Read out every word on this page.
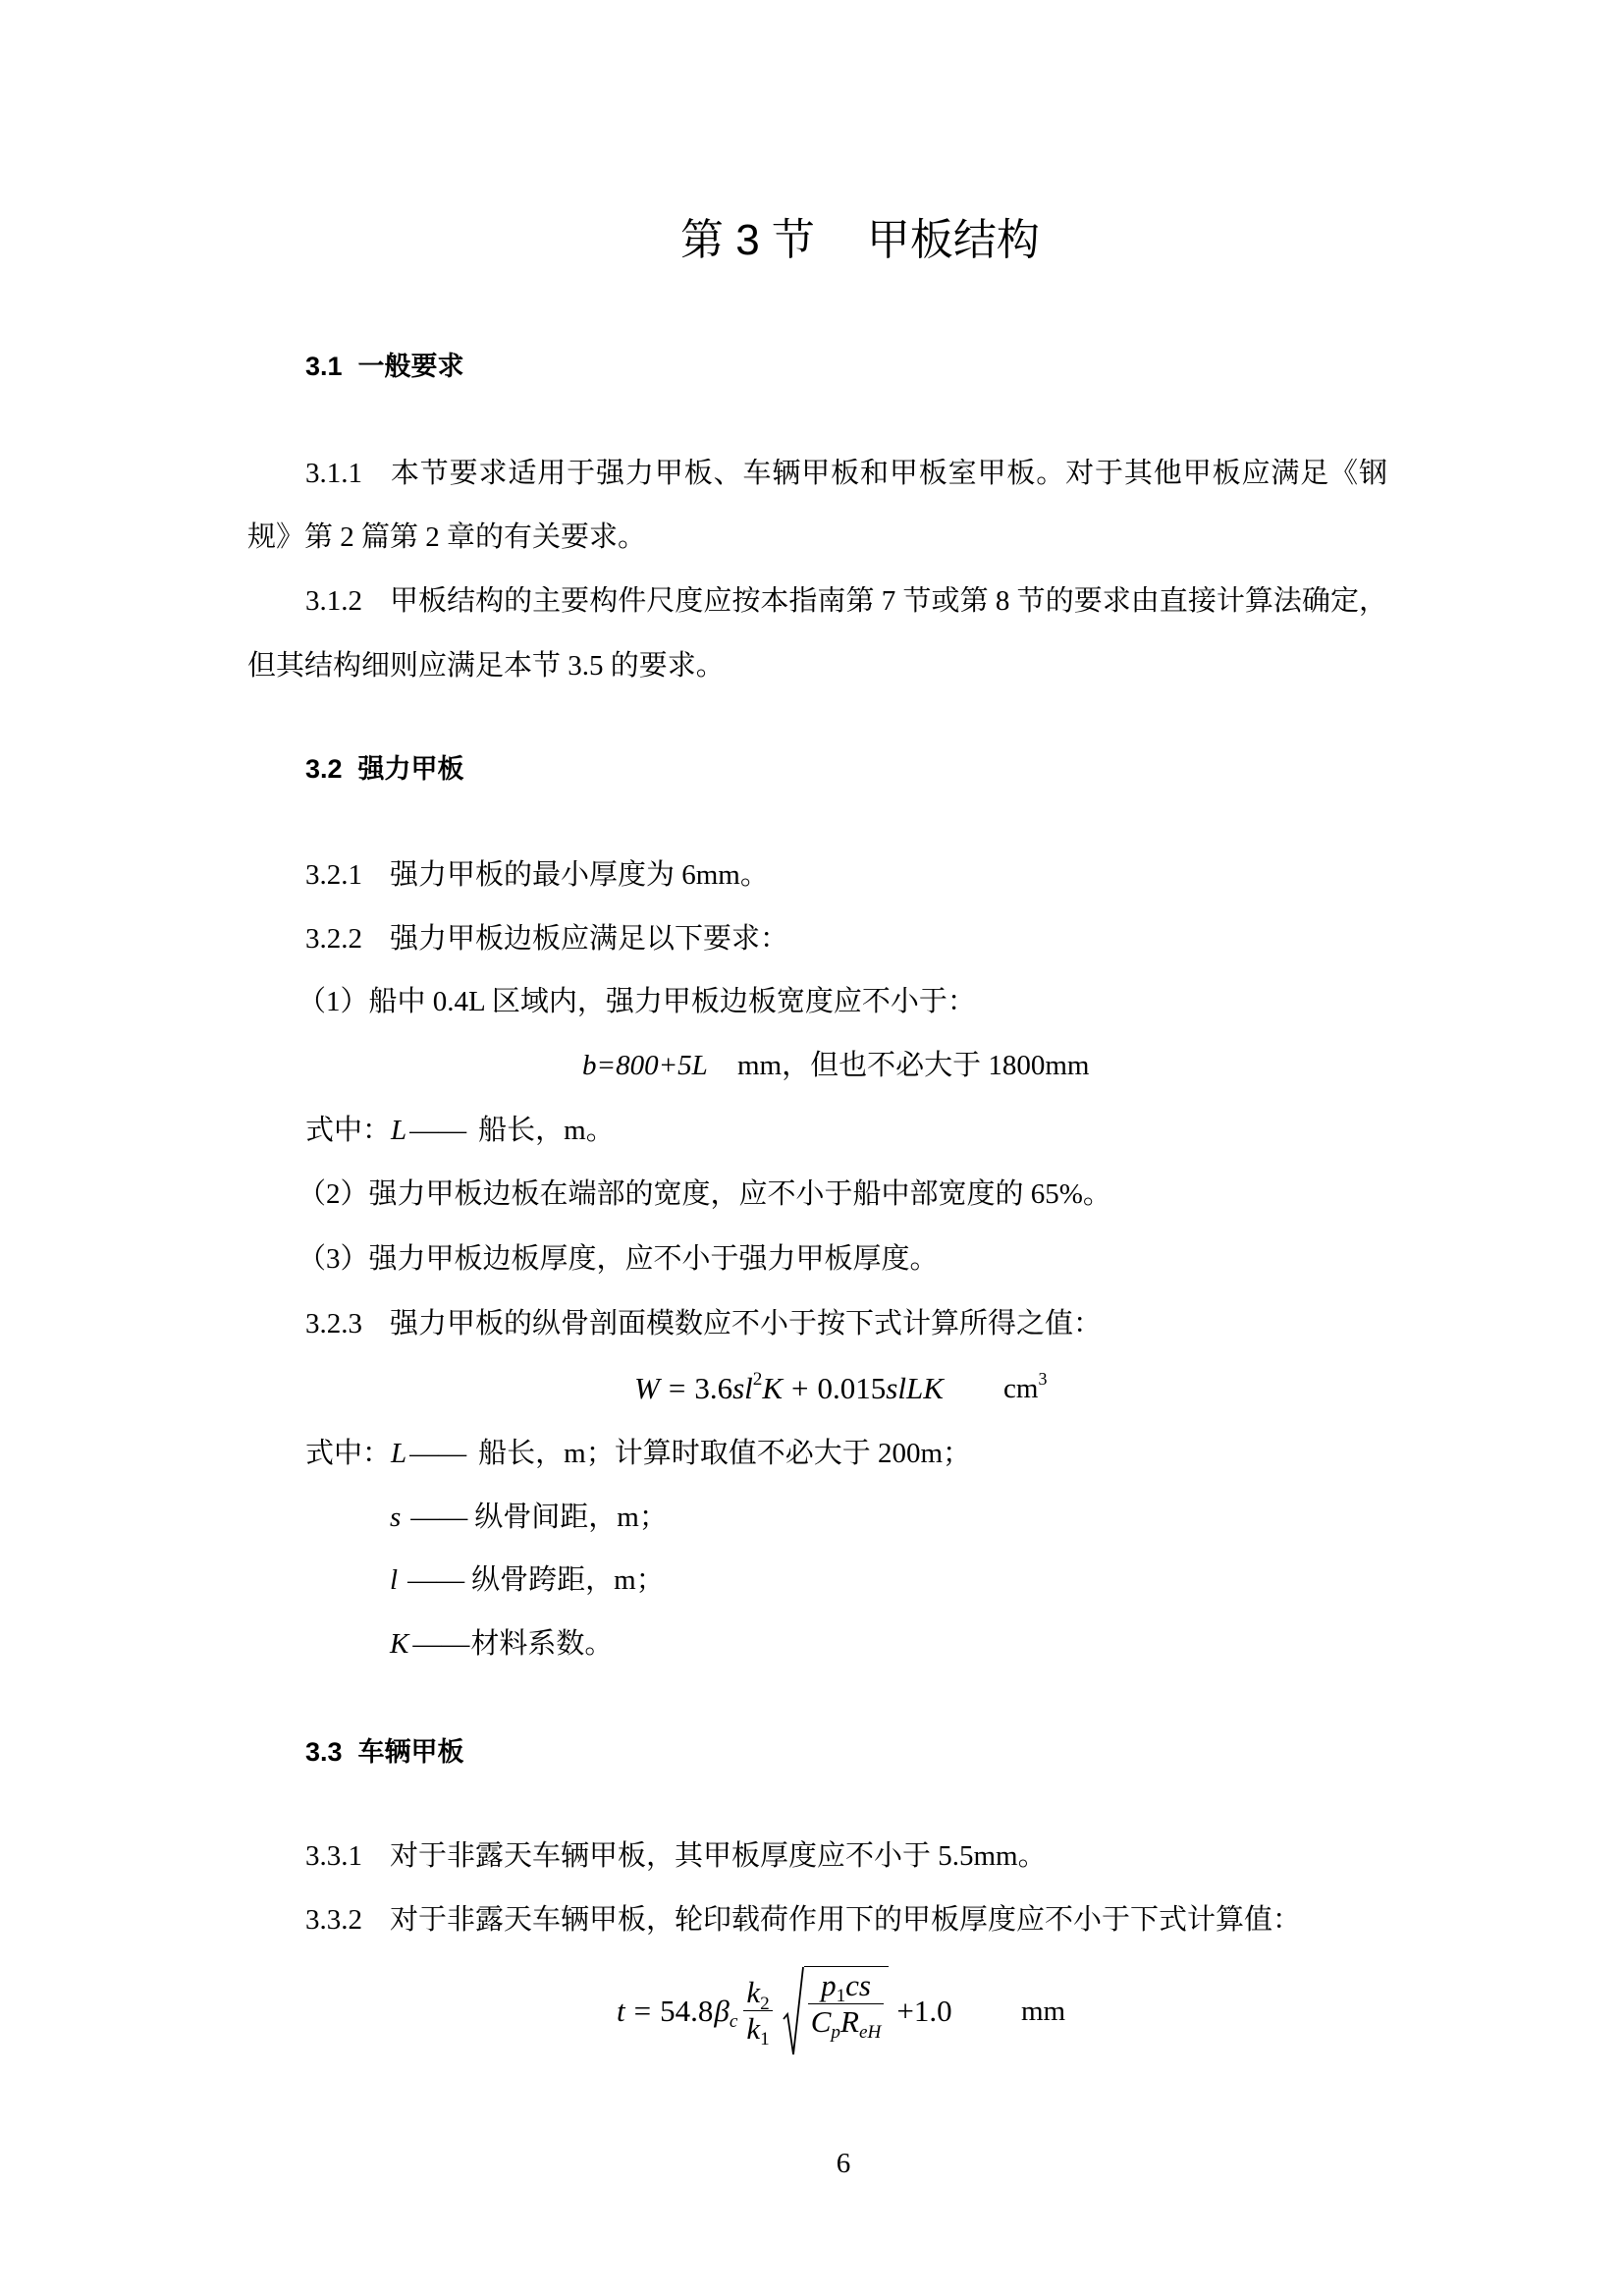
第 3 节 甲板结构
3.1 一般要求
3.1.1 本节要求适用于强力甲板、车辆甲板和甲板室甲板。对于其他甲板应满足《钢
规》第 2 篇第 2 章的有关要求。
3.1.2 甲板结构的主要构件尺度应按本指南第 7 节或第 8 节的要求由直接计算法确定，
但其结构细则应满足本节 3.5 的要求。
3.2 强力甲板
3.2.1 强力甲板的最小厚度为 6mm。
3.2.2 强力甲板边板应满足以下要求：
（1）船中 0.4L 区域内，强力甲板边板宽度应不小于：
b=800+5L mm，但也不必大于 1800mm
式中：L —— 船长，m。
（2）强力甲板边板在端部的宽度，应不小于船中部宽度的 65%。
（3）强力甲板边板厚度，应不小于强力甲板厚度。
3.2.3 强力甲板的纵骨剖面模数应不小于按下式计算所得之值：
$W = 3.6sl^2K$ + 0.015slLK $cm^3$
式中：L —— 船长，m；计算时取值不必大于 200m；
s —— 纵骨间距，m；
l —— 纵骨跨距，m；
K ——材料系数。
3.3 车辆甲板
3.3.1 对于非露天车辆甲板，其甲板厚度应不小于 5.5mm。
3.3.2 对于非露天车辆甲板，轮印载荷作用下的甲板厚度应不小于下式计算值：
t = 54.8 $\beta_c \frac{k_2}{k_1} \frac{p_1cs}{C_pR_{eH}} +1.0$ mm
6
